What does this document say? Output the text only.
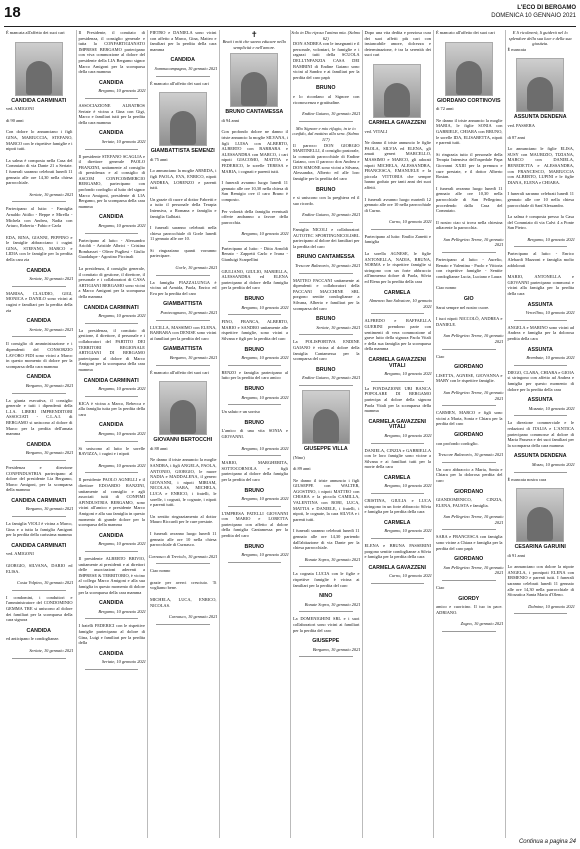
18	L'ECO DI BERGAMO
DOMENICA 10 GENNAIO 2021
È mancata all'affetto dei suoi cari
CANDIDA CARMINATI
ved. AMIGONI
di 90 anni
Con dolore lo annunciano i figli GINA, MARIUCCIA, STEFANO, MARCO con le rispettive famiglie e i nipoti tutti.
La salma è composta nella Casa del Commiato di via Dante 21 a Seriate. I funerali saranno celebrati lunedì 11 gennaio alle ore 14,30 nella chiesa parrocchiale.
Seriate, 10 gennaio 2021
Partecipano al lutto: - Famiglia Arnaldo Attilio - Beppe e Mirella - Michela con Andrea, Nadia con Arturo, Roberta - Fabio e Carla
EDA, RINA, GIANNI, PEPPINO e le famiglie abbracciano i cugini GINA, STEFANO, MARCO e LIDIA con le famiglie per la perdita della cara zia
CANDIDA
Seriate, 10 gennaio 2021
MARISA, CLAUDIO, GIGI, MONICA e DANILO sono vicini ai cugini e familiari per la perdita della zia
CANDIDA
Seriate, 10 gennaio 2021
Il consiglio di amministrazione e i dipendenti del CONSORZIO LAVORO FIDI sono vicini a Marco in questo momento di dolore per la scomparsa della cara mamma
CANDIDA
Bergamo, 10 gennaio 2021
La giunta esecutiva, il consiglio generale e tutti i dipendenti della L.I.A. LIBERI IMPRENDITORI ASSOCIATI - C.L.A.I. di BERGAMO si uniscono al dolore di Marco per la perdita dell'amata mamma
CANDIDA
Bergamo, 10 gennaio 2021
Presidenza e direzione CONFINDUSTRIA partecipano al dolore del presidente Lia Bergamo, Marco Amigoni, per la scomparsa della mamma
CANDIDA CARMINATI
Bergamo, 10 gennaio 2021
La famiglia VIOLI è vicina a Marco, Gina e a tutta la famiglia Amigoni per la perdita della carissima mamma
CANDIDA CARMINATI
ved. AMIGONI
GIORGIO, SILVANA, DARIO ed ELISA.
Costa Volpino, 10 gennaio 2021
I condomini, i conduttori e l'amministratore del CONDOMINIO GEMMA TRE si uniscono al dolore dei familiari per la scomparsa della cara signora
CANDIDA
ed anticipano le condoglianze.
Seriate, 10 gennaio 2021
Il Presidente, il comitato di presidenza, il consiglio generale e tutta la CONFARTIGIANATO IMPRESE BERGAMO partecipano con viva commozione al dolore del presidente della LIA Bergamo signor Marco Amigoni per la scomparsa della cara mamma
CANDIDA
Bergamo, 10 gennaio 2021
ASSOCIAZIONE ALBATROS Seriate è vicina a Gina con Gigi, Marco e familiari tutti per la perdita della cara mamma
CANDIDA
Seriate, 10 gennaio 2021
Il presidente STEFANO SCAGLIA e il direttore generale PAOLO FRANZINI, unitamente al consiglio di presidenza e al consiglio di ASCOM CONFCOMMERCIO BERGAMO, partecipano con profondo cordoglio al lutto del signor Marco Amigoni, presidente di LIA Bergamo, per la scomparsa della cara mamma
CANDIDA
Bergamo, 10 gennaio 2021
Partecipano al lutto: - Alessandro Arioldi - Aristide Albrici - Cristina Bombassei - Oliver Pugliesi - Giulio Guadalupe - Agostino Piccinali
La presidenza, il consiglio generale, il comitato di gestione, il direttore, il personale e i collaboratori di CASA ARTIGIANI BERGAMO sono vicini a Marco Amigoni per la scomparsa della mamma
CANDIDA CARMINATI
Bergamo, 10 gennaio 2021
La presidenza, il comitato di gestione, il direttore, il personale e i collaboratori del PARTITO DEI TERRITORI REGIONALE ARTIGIANI DI BERGAMO partecipano al dolore di Marco Amigoni per la scomparsa della cara mamma
CANDIDA CARMINATI
Bergamo, 10 gennaio 2021
KICA è vicina a Marco, Rebecca e alla famiglia tutta per la perdita della cara
CANDIDA
Bergamo, 10 gennaio 2021
Si uniscono al lutto le sorelle RAVIZZA, i cugini e i nipoti
Bergamo, 10 gennaio 2021
Il presidente PAOLO AGNELLI e il direttore EDOARDO RANZINI, unitamente al consiglio e agli associati tutti di CONFIMI APINDUSTRIA BERGAMO, sono vicini all'amico e presidente Marco Amigoni e alla sua famiglia in questo momento di grande dolore per la scomparsa della mamma
CANDIDA
Bergamo, 10 gennaio 2021
Il presidente ALBERTO BRIVIO, unitamente ai presidenti e ai direttori delle associazioni aderenti a IMPRESE & TERRITORIO, è vicino al collega Marco Amigoni e alla sua famiglia in questo momento di dolore per la scomparsa della cara mamma
CANDIDA
Bergamo, 10 gennaio 2021
I fratelli FEDERICI con le rispettive famiglie partecipano al dolore di Gina, Luigi e familiari per la perdita della
CANDIDA
Seriate, 10 gennaio 2021
PIETRO e DANIELA sono vicini con affetto a Marco, Gina, Matteo e familiari per la perdita della cara mamma
CANDIDA
Sommacampagna, 10 gennaio 2021
È mancato all'affetto dei suoi cari
GIAMBATTISTA SEMENZI
di 75 anni
Lo annunciano la moglie ARMIDA, i figli PAOLA, EVA, ENRICO, nipoti ANDREA, LORENZO e parenti tutti.
Un grazie di cuore al dottor Fabretti e a tutto il personale della Terapia Intensiva, a Romana e famiglia e famiglia Galbiati.
I funerali saranno celebrati nella chiesa parrocchiale di Gorle lunedì 11 gennaio alle ore 10.
Si ringraziano quanti vorranno partecipare.
Gorle, 10 gennaio 2021
La famiglia PIAZZALUNGA è vicina ad Armida, Paola, Enrico ed Eva per la perdita del caro
GIAMBATTISTA
Pontecagnano, 10 gennaio 2021
LUCILLA, MASSIMO con ELENA, BARBARA con DENISE sono vicini ai familiari per la perdita del caro
GIAMBATTISTA
Bergamo, 10 gennaio 2021
È mancato all'affetto dei suoi cari
GIOVANNI BERTOCCHI
di 88 anni
Ne danno il triste annuncio la moglie SANDRA, i figli ANGELA, PAOLA, ANTONIO, GIORGIO, le nuore NADIA e MADDALENA, il genero GIOVANNI, i nipoti MIRIAM, NICOLAS, SARA, MICHELA, LUCA e ENRICO, i fratelli, le sorelle, i cognati, le cognate, i nipoti e parenti tutti.
Un sentito ringraziamento al dottor Mauro Riccardi per le cure prestate.
I funerali avranno luogo lunedì 11 gennaio alle ore 10 nella chiesa parrocchiale di Curnasco.
Curnasco di Treviolo, 10 gennaio 2021
Ciao nonno
grazie per averci cresciuto. Ti vogliamo bene.
MICHELA, LUCA, ENRICO, NICOLAS.
Curnasco, 10 gennaio 2021
✝
Beati i miti che sanno educare nella semplicità e nell'amore.
BRUNO CANTAMESSA
di 94 anni
Con profondo dolore ne danno il triste annuncio la moglie SILVANA, i figli LUISA con ALBERTO, ALBERTO con BARBARA e ALESSANDRA con MARCO, i cari nipoti GIACOMO, MATTIA e FEDERICO, le sorelle TERESA e MARIA, i cognati e parenti tutti.
I funerali avranno luogo lunedì 11 gennaio alle ore 10,30 nella chiesa di San Remigio ove il caro Bruno è composto.
Per volontà della famiglia eventuali offerte andranno a favore della parrocchia.
Bergamo, 10 gennaio 2021
Partecipano al lutto: - Ditta Arnoldi Renato - Zappetti Carlo e Ivana - Gianluigi Scarpellini
GIULIANO, GIULIO, MARIELLA, ALESSANDRA ed ELENA partecipano al dolore della famiglia per la perdita del caro
BRUNO
Bergamo, 10 gennaio 2021
FINO, FRANCA, ALBERTO, MARIO e SANDRO unitamente alle rispettive famiglie, sono vicini a Silvana e figli per la perdita del caro
BRUNO
Bergamo, 10 gennaio 2021
RENZO e famiglia partecipano al lutto per la perdita del caro amico
BRUNO
Bergamo, 10 gennaio 2021
Un saluto e un sorriso
BRUNO
L'amico di una vita SONIA e GIOVANNI.
Bergamo, 10 gennaio 2021
MARIO, MARGHERITA, SOTTOCORNOLA e figli partecipano al dolore della famiglia per la perdita del caro
BRUNO
Bergamo, 10 gennaio 2021
L'IMPRESA FATELLI GIOVANNI con MARIO e LORETTA partecipano con affetto al dolore della famiglia Cantamessa per la perdita del caro
BRUNO
Bergamo, 10 gennaio 2021
Solo in Dio riposa l'anima mia. (Salmo 62)
DON ANDREA con le insegnanti e il personale, volontari, le famiglie e i ragazzi tutti della SCUOLA DELL'INFANZIA CASA DEI BAMBINI di Endine Gaiano sono vicini al Sandro e ai familiari per la perdita del caro papà
BRUNO
e lo ricordano al Signore con riconoscenza e gratitudine.
Endine Gaiano, 10 gennaio 2021
Mio Signore e mio rifugio, in te io confido, dal mattino alla sera. (Salmo 117)
Il parroco DON GIORGIO MARTINELLI, il consiglio pastorale, la comunità parrocchiale di Endine Gaiano, con il parroco don Andrea e DON SIMONE sono vicini a Silvana, Alessandra, Alberto ed alle loro famiglie per la perdita del caro
BRUNO
e si uniscono con la preghiera ed il suo ricordo.
Endine Gaiano, 10 gennaio 2021
Famiglia NICOLI e collaboratori AUTOTEC SPORTINGNICOLISRL partecipano al dolore dei familiari per la perdita del caro
BRUNO CANTAMESSA
Trescore Balneario, 10 gennaio 2021
MATTEO PACCANI unitamente ai dipendenti e collaboratori della PACCANI MACCHINE SRL porgono sentite condoglianze a Silvana, Alberto e familiari per la scomparsa del caro
BRUNO
Seriate, 10 gennaio 2021
La POLISPORTIVA ENDINE GAIANO è vicina al dolore della famiglia Cantamessa per la scomparsa del caro
BRUNO
Endine Gaiano, 10 gennaio 2021
GIUSEPPE VILLA
(Nino)
di 89 anni
Ne danno il triste annuncio i figli GIUSEPPE con WALTER, AGOSTINO, i nipoti MATTEO con CHIARA e la piccola CAMILLA, VALENTINA con ROBI, LUCA, MATTIA e DANIELE, i fratelli, i nipoti, le cognate, la cara SILVIA e i parenti tutti.
I funerali saranno celebrati lunedì 11 gennaio alle ore 14,30 partendo dall'abitazione di via Dante per la chiesa parrocchiale.
Bonate Sopra, 10 gennaio 2021
La cognata LUCIA con le figlie e rispettive famiglie è vicina ai familiari per la perdita del caro
NINO
Bonate Sopra, 10 gennaio 2021
La DOMENIGHINI SRL e i suoi collaboratori sono vicini ai familiari per la perdita del caro
GIUSEPPE
Bergamo, 10 gennaio 2021
Dopo una vita dedita e preziosa cura dei suoi affetti più cari con instancabile amore, dolcezza e determinazione, è tra la serenità dei suoi cari
CARMELA GAVAZZENI
ved. VITALI
Ne danno il triste annuncio le figlie PAOLA, SILVIA ed ELENA, gli amati generi MARCELLO, MASSIMO e MARCO, gli adorati nipoti MICHELA, ALESSANDRA, FRANCESCA, EMANUELE e la piccola VITTORIA che sempre hanno goduto per tanti anni dei suoi affetti.
I funerali avranno luogo martedì 12 gennaio alle ore 10 nella parrocchiale di Curno.
Curno, 10 gennaio 2021
Partecipano al lutto: Emilio Zanetti e famiglia
La sorella AGNESE, le figlie ANTONELLA, NADIA, BRUNA, NORMA e le rispettive famiglie si stringono con un forte abbraccio all'immenso dolore di Paola, Silvia ed Elena per la perdita della cara
CARMELA
Almenno San Salvatore, 10 gennaio 2021
ALFREDO e RAFFAELLA GUERINI prendono parte con sentimenti di vera commozione al grave lutto della signora Paola Vitali e della sua famiglia per la scomparsa della mamma
CARMELA GAVAZZENI VITALI
Bergamo, 10 gennaio 2021
La FONDAZIONE UBI BANCA POPOLARE DI BERGAMO partecipa al dolore della signora Paola Vitali per la scomparsa della mamma
CARMELA GAVAZZENI VITALI
Bergamo, 10 gennaio 2021
DANIELA, CINZIA e GABRIELLA con le loro famiglie sono vicine a Silvana e ai familiari tutti per la morte della cara
CARMELA
Bergamo, 10 gennaio 2021
CRISTINA, GIULIA e LUCA stringono in un forte abbraccio Silvia e famiglia per la perdita della cara
CARMELA
Bergamo, 10 gennaio 2021
ELENA e BRUNA PASSERINI porgono sentite condoglianze a Silvia e famiglia per la perdita della cara
CARMELA GAVAZZENI
Curno, 10 gennaio 2021
È mancato all'affetto dei suoi cari
GIORDANO CORTINOVIS
di 72 anni
Ne danno il triste annuncio la moglie MARIA, le figlie SONIA con GABRIELE, CHIARA con BRUNO, le sorelle IDA, ELISABETTA, nipoti e parenti tutti.
Si ringrazia tutto il personale della Terapia Intensiva dell'ospedale Papa Giovanni XXIII per la premura e cure prestate, e il dottor Alberto Rostan.
I funerali avranno luogo lunedì 11 gennaio alle ore 10,30 nella parrocchiale di San Pellegrino, procedendo dalla Casa del Commiato.
Il nostro ciao si trova nella chiesina adiacente la parrocchia.
San Pellegrino Terme, 10 gennaio 2021
Partecipano al lutto: - Aurelio, Renato e Valentina - Paolo e Vittoria con rispettive famiglie - Sentite condoglianze Lucia, Luciano e Laura
Ciao nonno
GIO
Sarai sempre nel nostro cuore.
I tuoi nipoti NICCOLÒ, ANDREA e DANIELE.
San Pellegrino Terme, 10 gennaio 2021
Ciao
GIORDANO
LISETTA, AGNESE, GIOVANNA e MARY con le rispettive famiglie.
San Pellegrino Terme, 10 gennaio 2021
CARMEN, MARCO e figli sono vicini a Maria, Sonia e Chiara per la perdita del caro
GIORDANO
con profondo cordoglio.
Trescore Balneario, 10 gennaio 2021
Un caro abbraccio a Maria, Sonia e Chiara per la dolorosa perdita del caro
GIORDANO
GIANDOMENICO, CINZIA, ELENA, FAUSTA e famiglia.
San Pellegrino Terme, 10 gennaio 2021
SARA e FRANCESCA con famiglia sono vicine a Chiara e famiglia per la perdita del caro papà
GIORDANO
San Pellegrino Terme, 10 gennaio 2021
Ciao
GIORDY
amico e cuoricino. Il tuo in pace. ADRIANO.
Zogno, 10 gennaio 2021
E li ricolmerà, li guiderà nel lo splendore della sua luce e della sua giustizia.
È mancata
ASSUNTA DENDENA
ved. PASSERA
di 87 anni
Lo annunciano le figlie ELISA, SUSY con MAURIZIO, TIZIANA, MARCO con DANIELA, BENEDETTA e ALESSANDRA, con FRANCESCO, MARIUCCIA con ALBERTO, LUPINI e le figlie DIANA, ELENA e CHIARA.
I funerali saranno celebrati lunedì 11 gennaio alle ore 10 nella chiesa parrocchiale di Sant'Alessandro.
La salma è composta presso la Casa del Commiato di via Calvi 4 a Ponte San Pietro.
Bergamo, 10 gennaio 2021
Partecipano al lutto: - Enrico Alebardi Mazzoni e famiglia molto addolorati
MARIO, ANTONELLA e GIOVANNI partecipano commossi e vicini alla famiglia per la perdita della cara
ASSUNTA
Vercellino, 10 gennaio 2021
ANGELA e MARINO sono vicini ad Andrea e famiglia per la dolorosa perdita della cara
ASSUNTA
Brembate, 10 gennaio 2021
DIEGO, CLARA, CHIARA e GIOIA si stringono con affetto ad Andrea e famiglia per questo momento di dolore per la perdita della cara
ASSUNTA
Mozzate, 10 gennaio 2021
La direzione commerciale e le redazioni di ITALIA e L'ANTICA partecipano commosse al dolore di Maria Passera e dei suoi familiari per la scomparsa della cara mamma
ASSUNTA DENDENA
Mozzo, 10 gennaio 2021
È mancata nostra cara
CESARINA GARUINI
di 91 anni
Lo annunciano con dolore la nipote ANGELA, i pronipoti ELENA con ERMENIO e parenti tutti. I funerali saranno celebrati lunedì 11 gennaio alle ore 14,30 nella parrocchiale di Sforzatica Santa Maria d'Oleno.
Dalmine, 10 gennaio 2021
Continua a pagina 24
